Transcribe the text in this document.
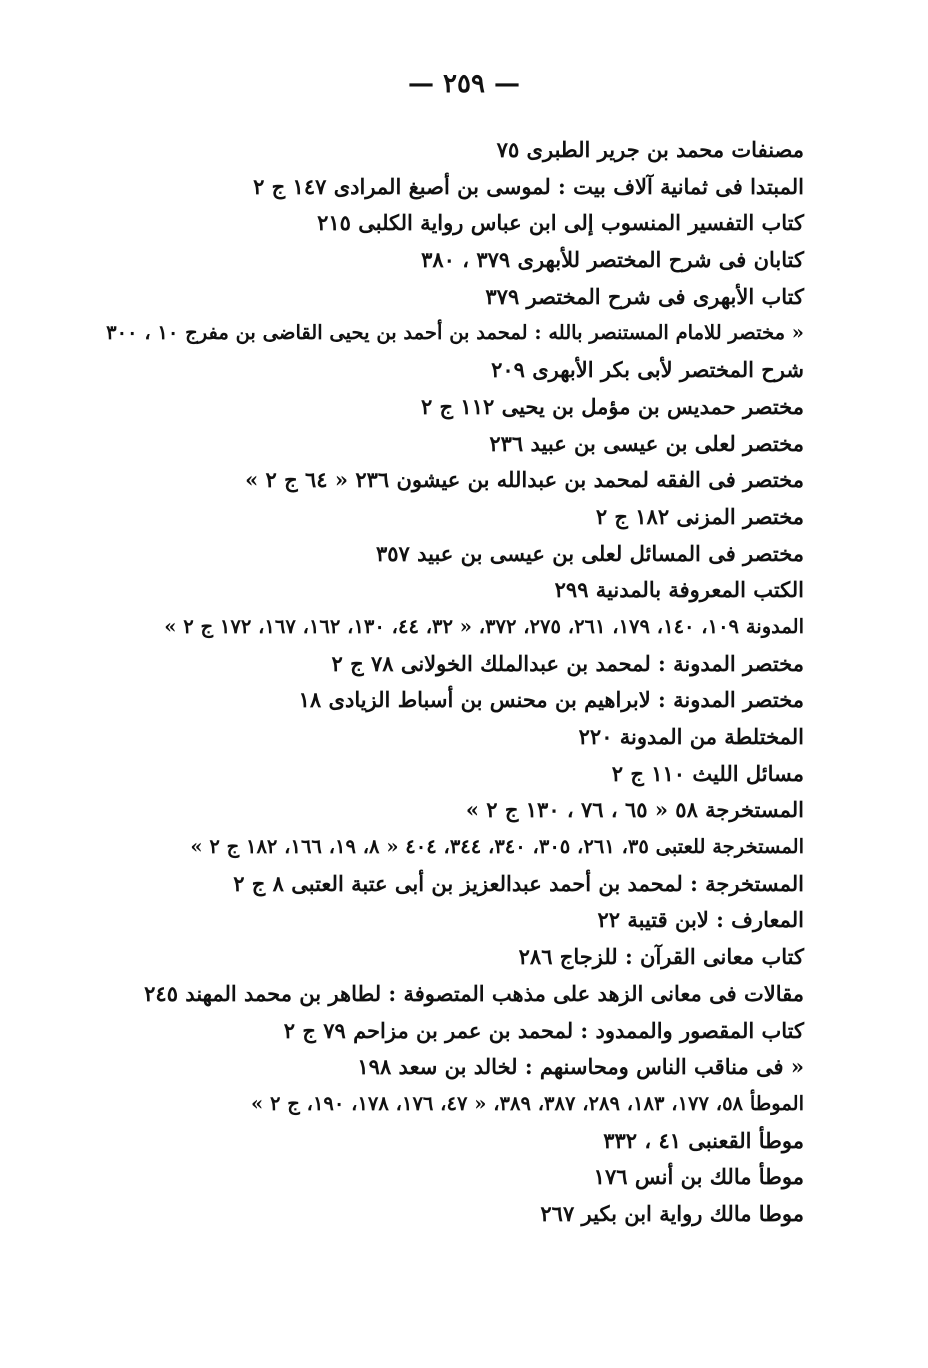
— ٢٥٩ —
مصنفات محمد بن جرير الطبرى ٧٥
المبتدا فى ثمانية آلاف بيت : لموسى بن أصبغ المرادى ١٤٧ ج ٢
كتاب التفسير المنسوب إلى ابن عباس رواية الكلبى ٢١٥
كتابان فى شرح المختصر للأبهرى ٣٧٩ ، ٣٨٠
كتاب الأبهرى فى شرح المختصر ٣٧٩
« مختصر للامام المستنصر بالله : لمحمد بن أحمد بن يحيى القاضى بن مفرج ١٠ ، ٣٠٠
شرح المختصر لأبى بكر الأبهرى ٢٠٩
مختصر حمديس بن مؤمل بن يحيى ١١٢ ج ٢
مختصر لعلى بن عيسى بن عبيد ٢٣٦
مختصر فى الفقه لمحمد بن عبدالله بن عيشون ٢٣٦ « ٦٤ ج ٢ »
مختصر المزنى ١٨٢ ج ٢
مختصر فى المسائل لعلى بن عيسى بن عبيد ٣٥٧
الكتب المعروفة بالمدنية ٢٩٩
المدونة ١٠٩، ١٤٠، ١٧٩، ٢٦١، ٢٧٥، ٣٧٢، « ٣٢، ٤٤، ١٣٠، ١٦٢، ١٦٧، ١٧٢ ج ٢ »
مختصر المدونة : لمحمد بن عبدالملك الخولانى ٧٨ ج ٢
مختصر المدونة : لابراهيم بن محنس بن أسباط الزيادى ١٨
المختلطة من المدونة ٢٢٠
مسائل الليث ١١٠ ج ٢
المستخرجة ٥٨ « ٦٥ ، ٧٦ ، ١٣٠ ج ٢ »
المستخرجة للعتبى ٣٥، ٢٦١، ٣٠٥، ٣٤٠، ٣٤٤، ٤٠٤ « ٨، ١٩، ١٦٦، ١٨٢ ج ٢ »
المستخرجة : لمحمد بن أحمد عبدالعزيز بن أبى عتبة العتبى ٨ ج ٢
المعارف : لابن قتيبة ٢٢
كتاب معانى القرآن : للزجاج ٢٨٦
مقالات فى معانى الزهد على مذهب المتصوفة : لطاهر بن محمد المهند ٢٤٥
كتاب المقصور والممدود : لمحمد بن عمر بن مزاحم ٧٩ ج ٢
« فى مناقب الناس ومحاسنهم : لخالد بن سعد ١٩٨
الموطأ ٥٨، ١٧٧، ١٨٣، ٢٨٩، ٣٨٧، ٣٨٩، « ٤٧، ١٧٦، ١٧٨، ١٩٠، ج ٢ »
موطأ القعنبى ٤١ ، ٣٣٢
موطأ مالك بن أنس ١٧٦
موطا مالك رواية ابن بكير ٢٦٧
